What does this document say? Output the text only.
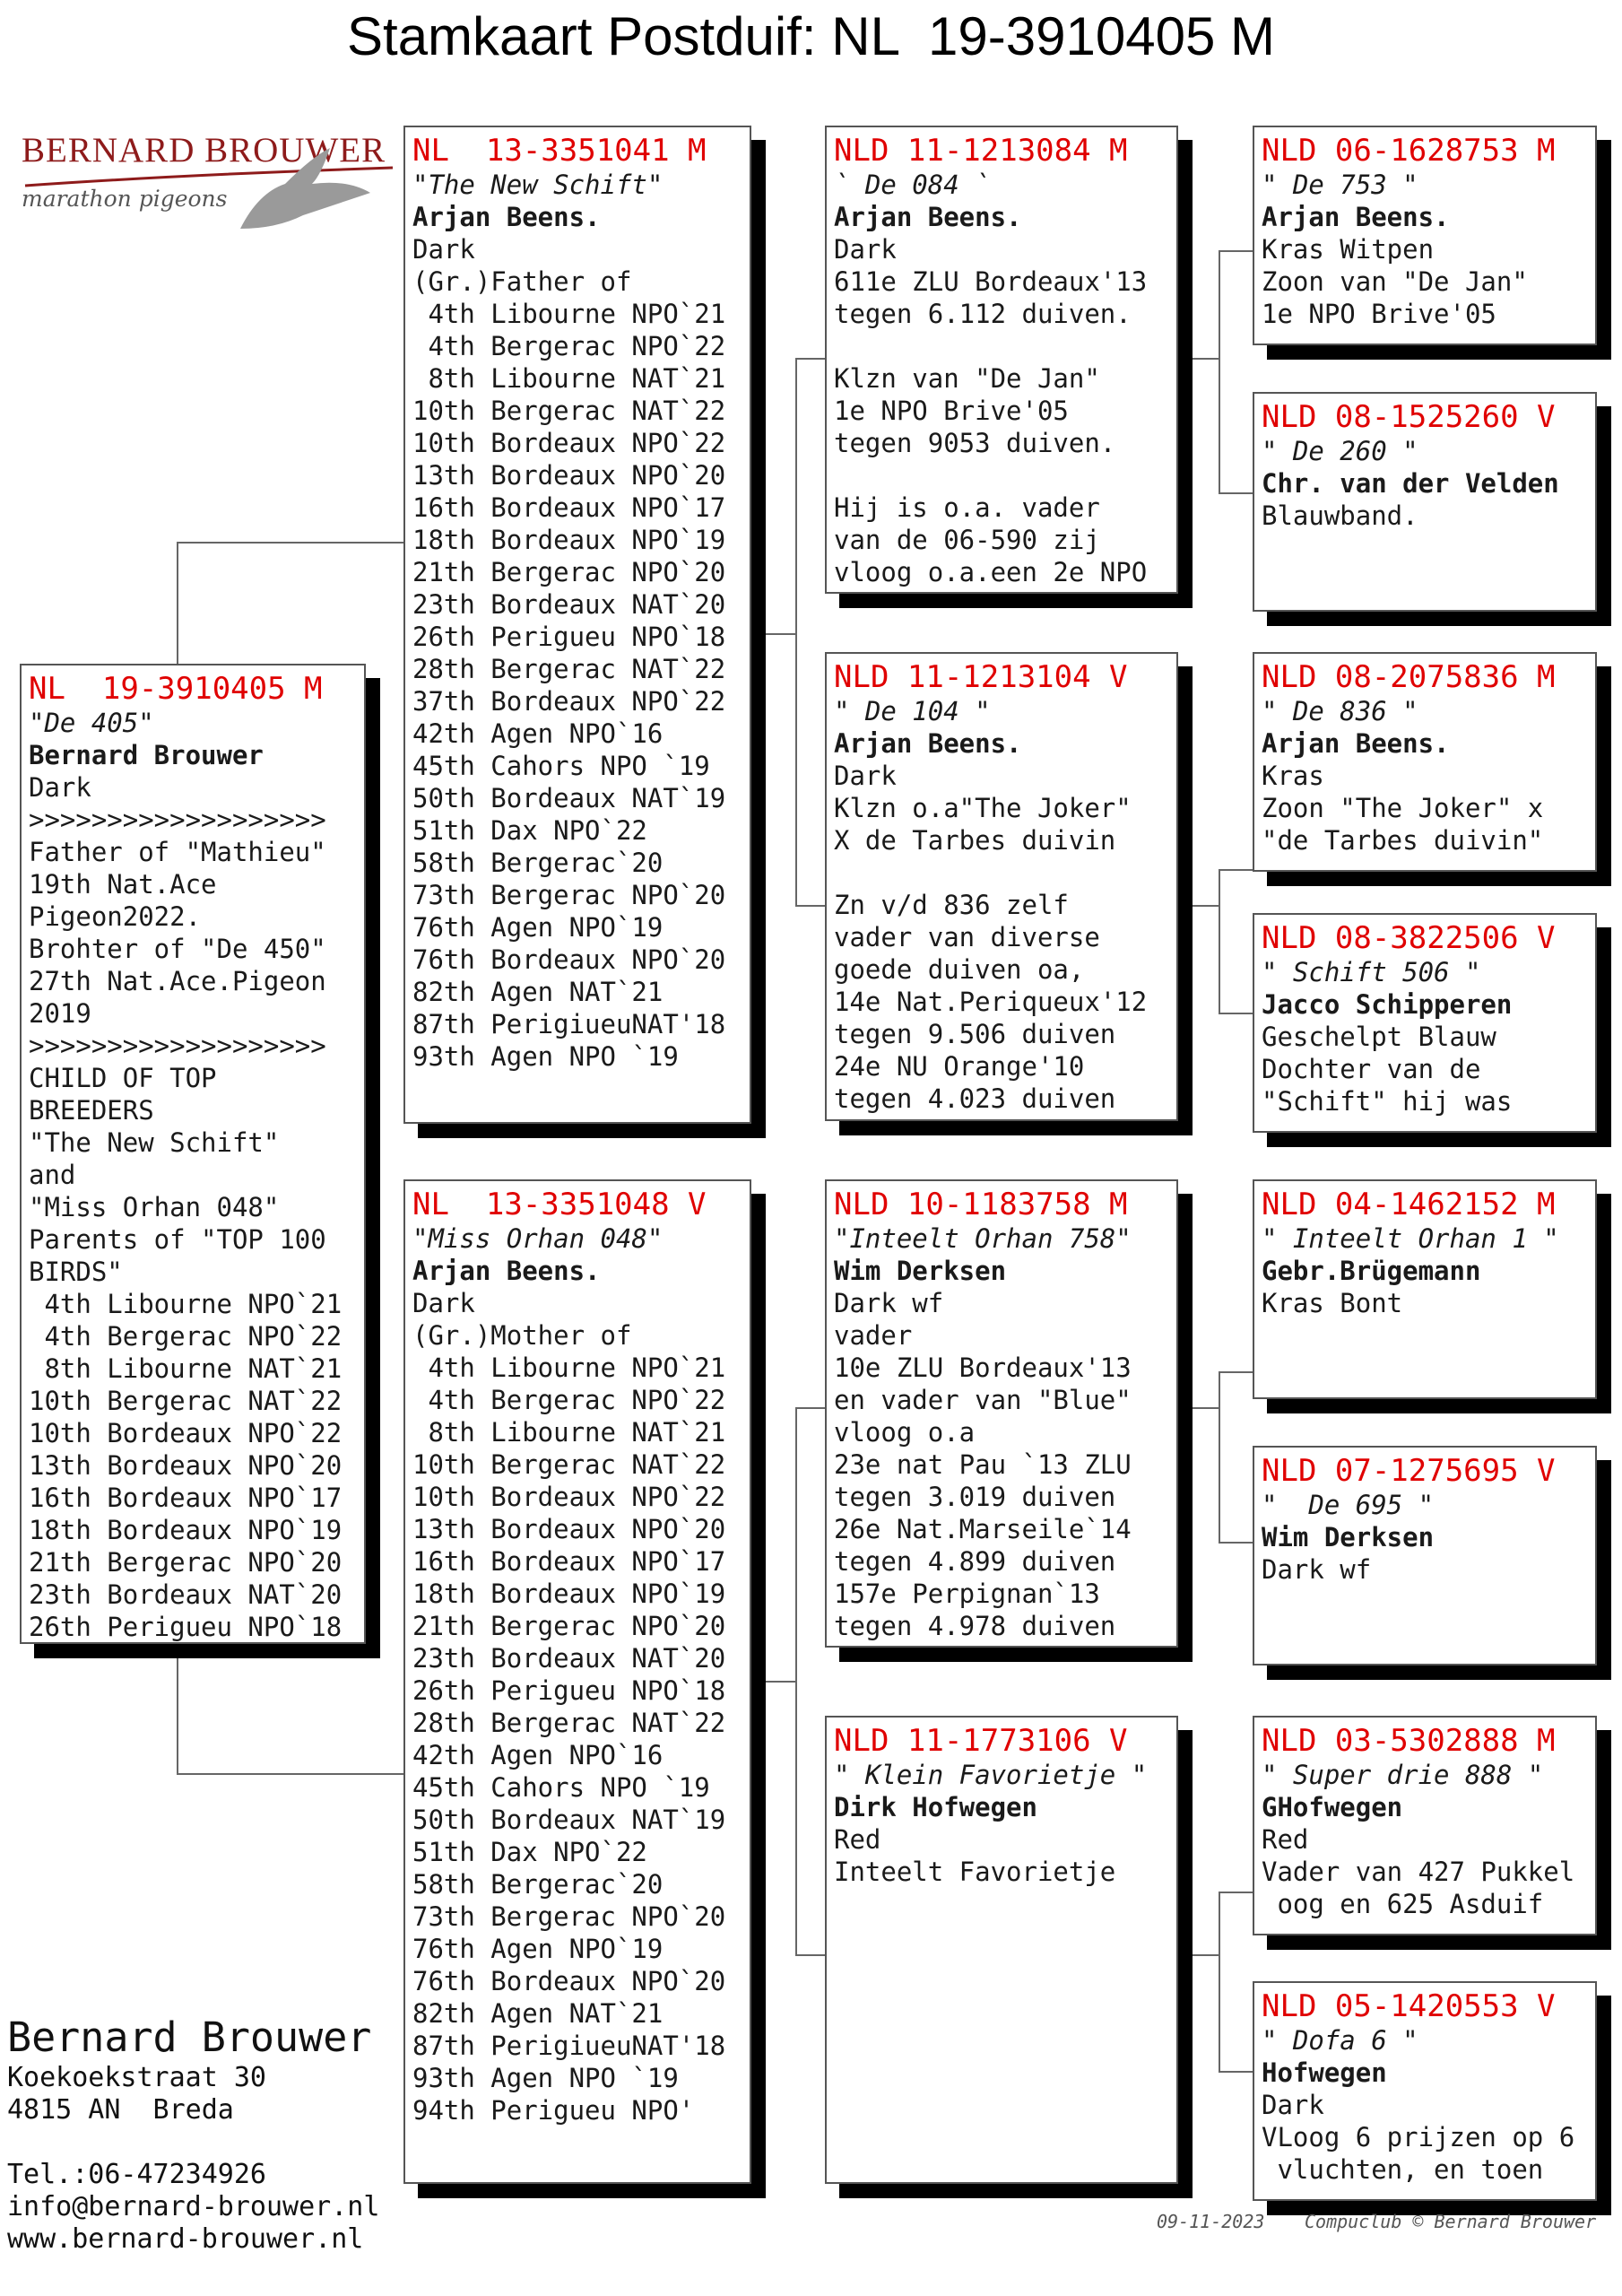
Stamkaart Postduif: NL  19-3910405 M
BERNARD BROUWER
marathon pigeons
NL  19-3910405 M
"De 405"
Bernard Brouwer
Dark
>>>>>>>>>>>>>>>>>>>
Father of "Mathieu"
19th Nat.Ace
Pigeon2022.
Brohter of "De 450"
27th Nat.Ace.Pigeon
2019
>>>>>>>>>>>>>>>>>>>
CHILD OF TOP
BREEDERS
"The New Schift"
and
"Miss Orhan 048"
Parents of "TOP 100
BIRDS"
4th Libourne NPO`21
4th Bergerac NPO`22
8th Libourne NAT`21
10th Bergerac NAT`22
10th Bordeaux NPO`22
13th Bordeaux NPO`20
16th Bordeaux NPO`17
18th Bordeaux NPO`19
21th Bergerac NPO`20
23th Bordeaux NAT`20
26th Perigueu NPO`18
NL  13-3351041 M
"The New Schift"
Arjan Beens.
Dark
(Gr.)Father of
4th Libourne NPO`21
4th Bergerac NPO`22
8th Libourne NAT`21
10th Bergerac NAT`22
10th Bordeaux NPO`22
13th Bordeaux NPO`20
16th Bordeaux NPO`17
18th Bordeaux NPO`19
21th Bergerac NPO`20
23th Bordeaux NAT`20
26th Perigueu NPO`18
28th Bergerac NAT`22
37th Bordeaux NPO`22
42th Agen NPO`16
45th Cahors NPO `19
50th Bordeaux NAT`19
51th Dax NPO`22
58th Bergerac`20
73th Bergerac NPO`20
76th Agen NPO`19
76th Bordeaux NPO`20
82th Agen NAT`21
87th PerigiueuNAT'18
93th Agen NPO `19
NL  13-3351048 V
"Miss Orhan 048"
Arjan Beens.
Dark
(Gr.)Mother of
4th Libourne NPO`21
4th Bergerac NPO`22
8th Libourne NAT`21
10th Bergerac NAT`22
10th Bordeaux NPO`22
13th Bordeaux NPO`20
16th Bordeaux NPO`17
18th Bordeaux NPO`19
21th Bergerac NPO`20
23th Bordeaux NAT`20
26th Perigueu NPO`18
28th Bergerac NAT`22
42th Agen NPO`16
45th Cahors NPO `19
50th Bordeaux NAT`19
51th Dax NPO`22
58th Bergerac`20
73th Bergerac NPO`20
76th Agen NPO`19
76th Bordeaux NPO`20
82th Agen NAT`21
87th PerigiueuNAT'18
93th Agen NPO `19
94th Perigueu NPO'
NLD 11-1213084 M
` De 084 `
Arjan Beens.
Dark
611e ZLU Bordeaux'13
tegen 6.112 duiven.
Klzn van "De Jan"
1e NPO Brive'05
tegen 9053 duiven.
Hij is o.a. vader
van de 06-590 zij
vloog o.a.een 2e NPO
NLD 11-1213104 V
" De 104 "
Arjan Beens.
Dark
Klzn o.a"The Joker"
X de Tarbes duivin
Zn v/d 836 zelf
vader van diverse
goede duiven oa,
14e Nat.Periqueux'12
tegen 9.506 duiven
24e NU Orange'10
tegen 4.023 duiven
NLD 10-1183758 M
"Inteelt Orhan 758"
Wim Derksen
Dark wf
vader
10e ZLU Bordeaux'13
en vader van "Blue"
vloog o.a
23e nat Pau `13 ZLU
tegen 3.019 duiven
26e Nat.Marseile`14
tegen 4.899 duiven
157e Perpignan`13
tegen 4.978 duiven
NLD 11-1773106 V
" Klein Favorietje "
Dirk Hofwegen
Red
Inteelt Favorietje
NLD 06-1628753 M
" De 753 "
Arjan Beens.
Kras Witpen
Zoon van "De Jan"
1e NPO Brive'05
NLD 08-1525260 V
" De 260 "
Chr. van der Velden
Blauwband.
NLD 08-2075836 M
" De 836 "
Arjan Beens.
Kras
Zoon "The Joker" x
"de Tarbes duivin"
NLD 08-3822506 V
" Schift 506 "
Jacco Schipperen
Geschelpt Blauw
Dochter van de
"Schift" hij was
NLD 04-1462152 M
" Inteelt Orhan 1 "
Gebr.Brügemann
Kras Bont
NLD 07-1275695 V
"  De 695 "
Wim Derksen
Dark wf
NLD 03-5302888 M
" Super drie 888 "
GHofwegen
Red
Vader van 427 Pukkel
oog en 625 Asduif
NLD 05-1420553 V
" Dofa 6 "
Hofwegen
Dark
VLoog 6 prijzen op 6
vluchten, en toen
Bernard Brouwer
Koekoekstraat 30
4815 AN  Breda
Tel.:06-47234926
info@bernard-brouwer.nl
www.bernard-brouwer.nl
09-11-2023 Compuclub © Bernard Brouwer
